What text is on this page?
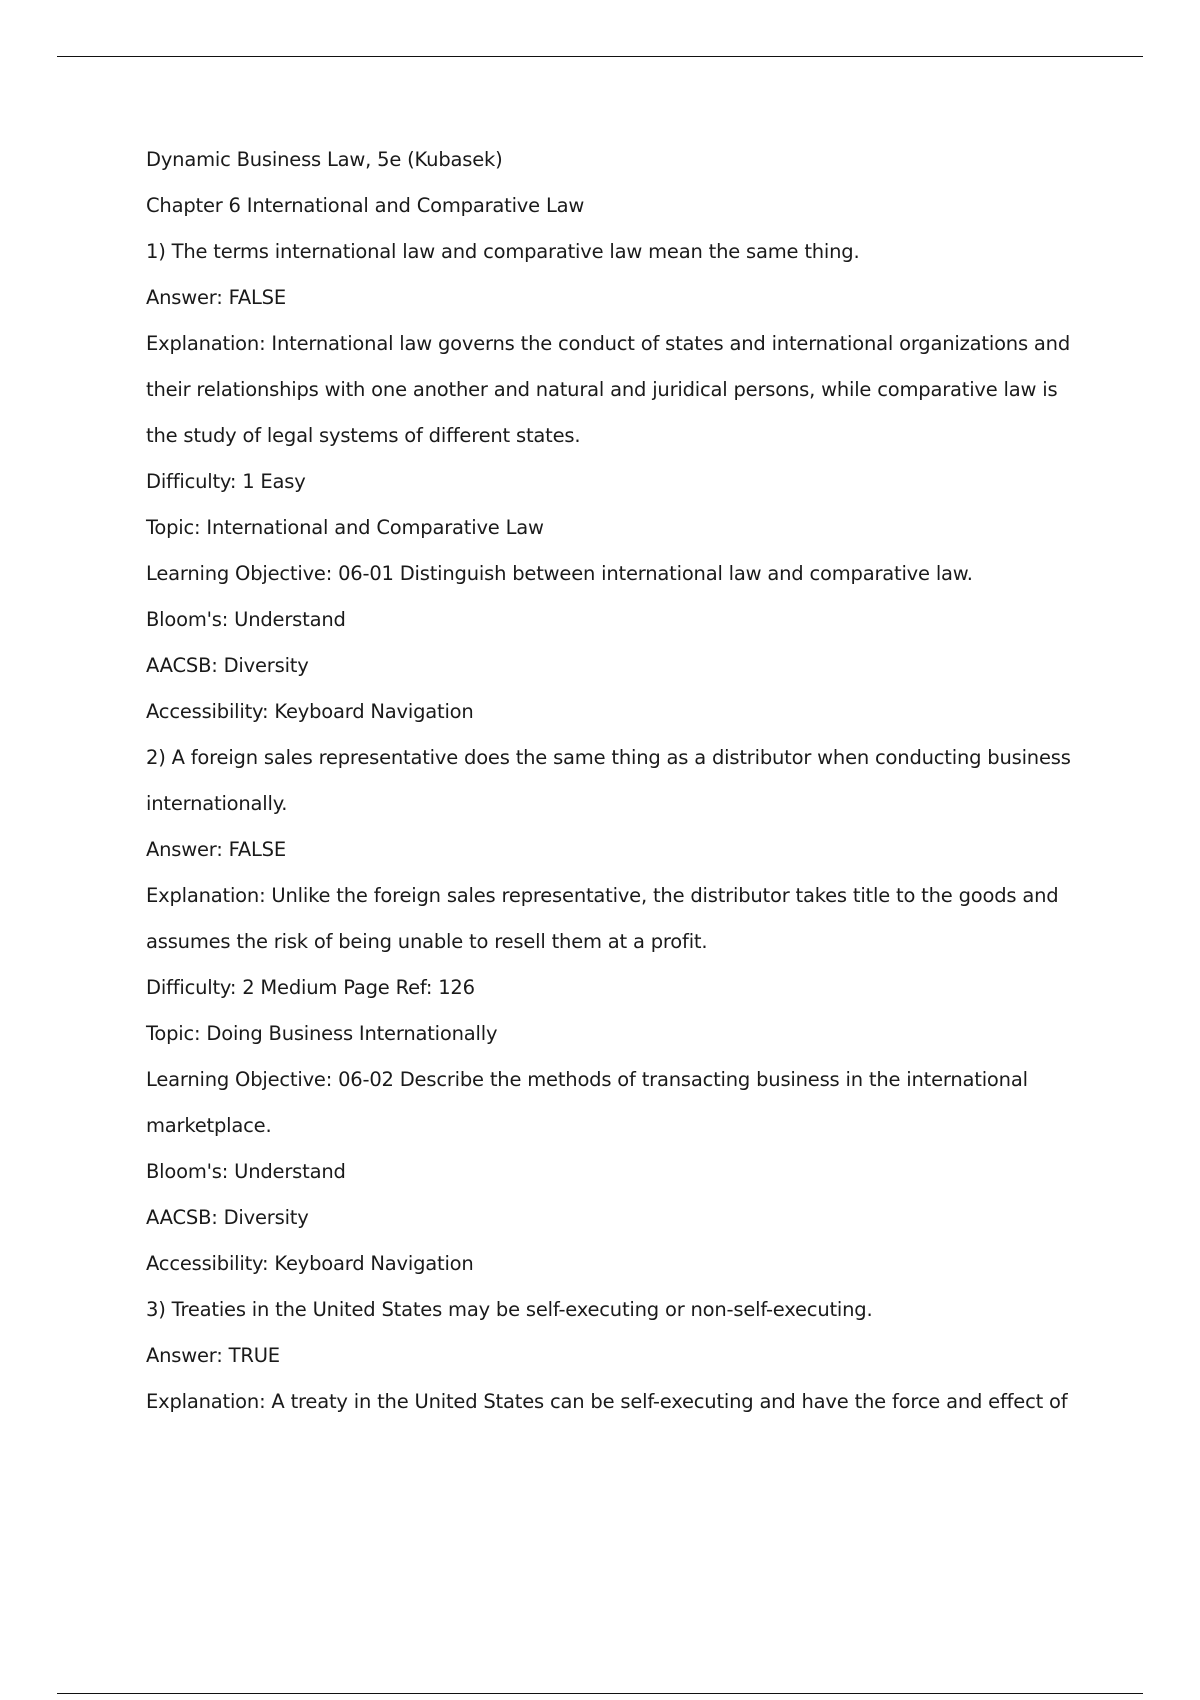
Dynamic Business Law, 5e (Kubasek)

Chapter 6 International and Comparative Law

1) The terms international law and comparative law mean the same thing.

Answer: FALSE

Explanation: International law governs the conduct of states and international organizations and

their relationships with one another and natural and juridical persons, while comparative law is

the study of legal systems of different states.

Difficulty: 1 Easy

Topic: International and Comparative Law

Learning Objective: 06-01 Distinguish between international law and comparative law.

Bloom's: Understand

AACSB: Diversity

Accessibility: Keyboard Navigation

2) A foreign sales representative does the same thing as a distributor when conducting business

internationally.

Answer: FALSE

Explanation: Unlike the foreign sales representative, the distributor takes title to the goods and

assumes the risk of being unable to resell them at a profit.

Difficulty: 2 Medium Page Ref: 126

Topic: Doing Business Internationally

Learning Objective: 06-02 Describe the methods of transacting business in the international

marketplace.

Bloom's: Understand

AACSB: Diversity

Accessibility: Keyboard Navigation

3) Treaties in the United States may be self-executing or non-self-executing.

Answer: TRUE

Explanation: A treaty in the United States can be self-executing and have the force and effect of
